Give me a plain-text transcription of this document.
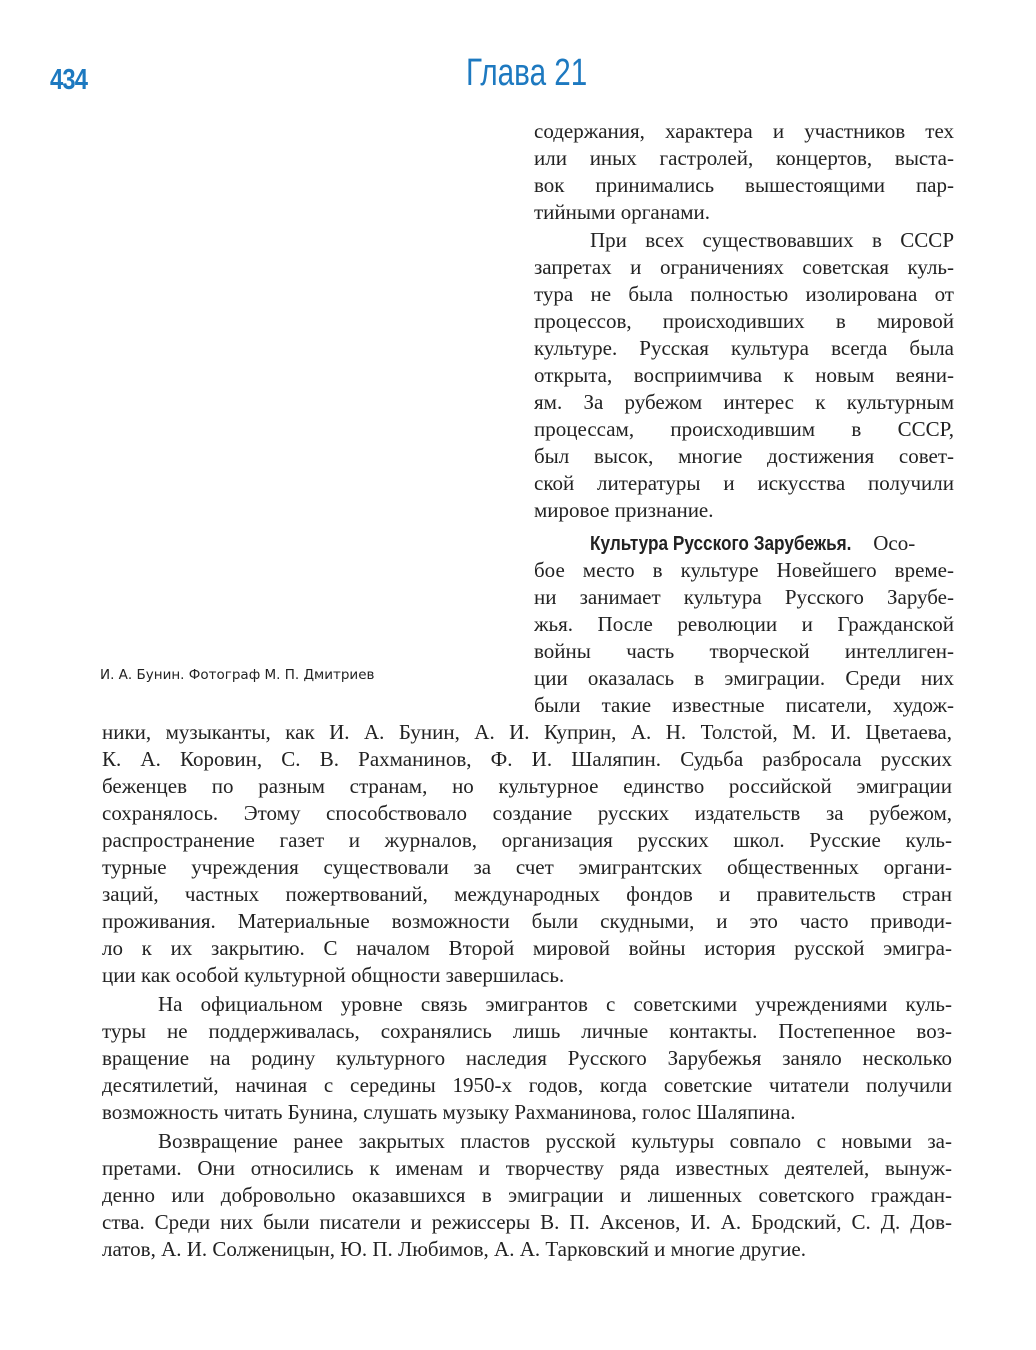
434	Глава 21
И. А. Бунин. Фотограф М. П. Дмитриев
содержания, характера и участников тех
или иных гастролей, концертов, выста-
вок принимались вышестоящими пар-
тийными органами.
При всех существовавших в СССР
запретах и ограничениях советская куль-
тура не была полностью изолирована от
процессов, происходивших в мировой
культуре. Русская культура всегда была
открыта, восприимчива к новым веяни-
ям. За рубежом интерес к культурным
процессам, происходившим в СССР,
был высок, многие достижения совет-
ской литературы и искусства получили
мировое признание.
Культура Русского Зарубежья. Осо-
бое место в культуре Новейшего време-
ни занимает культура Русского Зарубе-
жья. После революции и Гражданской
войны часть творческой интеллиген-
ции оказалась в эмиграции. Среди них
были такие известные писатели, худож-
ники, музыканты, как И. А. Бунин, А. И. Куприн, А. Н. Толстой, М. И. Цветаева,
К. А. Коровин, С. В. Рахманинов, Ф. И. Шаляпин. Судьба разбросала русских
беженцев по разным странам, но культурное единство российской эмиграции
сохранялось. Этому способствовало создание русских издательств за рубежом,
распространение газет и журналов, организация русских школ. Русские куль-
турные учреждения существовали за счет эмигрантских общественных органи-
заций, частных пожертвований, международных фондов и правительств стран
проживания. Материальные возможности были скудными, и это часто приводи-
ло к их закрытию. С началом Второй мировой войны история русской эмигра-
ции как особой культурной общности завершилась.
На официальном уровне связь эмигрантов с советскими учреждениями куль-
туры не поддерживалась, сохранялись лишь личные контакты. Постепенное воз-
вращение на родину культурного наследия Русского Зарубежья заняло несколько
десятилетий, начиная с середины 1950-х годов, когда советские читатели получили
возможность читать Бунина, слушать музыку Рахманинова, голос Шаляпина.
Возвращение ранее закрытых пластов русской культуры совпало с новыми за-
претами. Они относились к именам и творчеству ряда известных деятелей, вынуж-
денно или добровольно оказавшихся в эмиграции и лишенных советского граждан-
ства. Среди них были писатели и режиссеры В. П. Аксенов, И. А. Бродский, С. Д. Дов-
латов, А. И. Солженицын, Ю. П. Любимов, А. А. Тарковский и многие другие.
